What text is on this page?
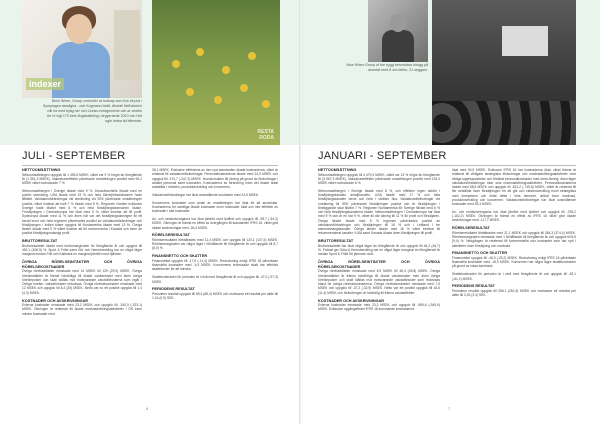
indexer
Ninni Wiren, Group controller at Indicap som fick bil pris i Sympiagen skadigha - och Kogmann bekit, Abstall Nefhsbetch villi ha med bytig her och Lindsv-medgenelvie och ar vedels firr hi vigt 170 bets fingskafteling i drygeraede 2010 och Het ugle ledna tid blievede.
RESTA
RODA
Nice Wiren Group of the bygg betonidavs dokgg på dromtat med 8 ord delen, 21 seggam.
JULI - SEPTEMBER	JANUARI - SEPTEMBER
NETTOOMSÄTTNING

Nettoomsättningen uppgick till 1 495,5 MSEK, vilket var 9 % högre än föregående år (1 351,3 MSEK). Valutakurseffekter påverkade omsättningen positivt med 94,2 MSEK vilket motsvarade 7 %.

Nettoomsättningen i Sverige ökade med 9 %. Dessutbanhelle ökade med en positiv utveckling. USA ökade med 19 % och hela Stenbjörksdivisionen hade tillfället. Valutakursförändringar vid omräkning vid SEK påverkade omsättningen positivt, vilket innebar att nivå 7 % ökade med 5 %. Regionen Norden exklusive Sverige hade tillväxt med 6 % och hela försäljningsbranschen ökade. Försäljningen i Centraleuropa har ökat med 3 %, vilket innebar att till profil. Sydeuropa ökade med 11 % och även här var det försäljningsökningen till ett bredd inom och hela regionen påverkades positivt av valutakursförändringar och försäljningen i Indien tidare uppgick till Nordamerika ökade med 13 %. Övriga länder ökade med 9 % vilket innebar att till nordomvecka i Kanada och även de positivt försäljningsmässigt profil.

BRUTTORESULTAT

Bruttoresultatet ökade med bruttomarginalen för föregående år och uppgick till 452,1 (406,9) %. Sport & Fritid samt Gör och Hemutveckling har en något lägre marginal medan Fritt och Kaltmark en marginal jämfört med hjälmen.

ÖVRIGA RÖRELSEINTÄKTER OCH ÖVRIGA RÖRELSEKOSTNADER

Övriga rörelseintäkter minskade med 14 MSEK till 129 (29,3) MSEK. Övriga rörelseintäkter är främst hänförliga till ökade valutavinster men även övriga rörelseposter och skall ställas mot motsvarande valutaförlusterna som ingår i Övriga rörelse- valutaförluster redovisas. Övriga rörelsekostnader minskade med 12 MSEK och uppgick till 8,4 (25) MSEK. Netto var nu ett positivt uppgick till 1,4 (4,3) MSEK.

KOSTNADER OCH AVSKRIVNINGAR

Externa kostnader minskade med 23,2 MSEK och uppgick till -340,3 (-323,1) MSEK. Ökningen är relaterad till ökade marknadsföringsaktiviteter i ÖS inom mindre kostnader med

38,1 MSEK. Exklusive effekterna av den nya standarden ökade kostnaderna, vilket är relaterat till valutakursförändringar. Personalkostnaderna ökade med 24,9 MSEK och uppgick till -274,7 (-247,3) MSEK. Huvudorsaken till ökning på grund av förändringar i antalet personal samt kostnader. Kostnaderna av förändring inom det ökade antal anställda i rörelsen, produktutveckling och koncernen.

Valutakursförändringar har ökat ovanstående kostnader med 23,9 MSEK.

Koncernens kostnader som andel av omsättningen har ökat för att avvecklas. Kostnaderna för samtliga ökade kostnader inom kostnader ökat och inte effekten av kostnader i alla kostnader.

Av- och nedskrivningarna har ökat jämfört med fjolåret och uppgick till -95,7 (-54,2) MSEK. Ökningen är främst en effekt av övergången till standarden IFRS 16, vilket gett ökade avskrivningar med -39,4 MSEK.

RÖRELSERESULTAT

Rörelseresultatet förbättrades med 11,4 MSEK och uppgick till 120,1 (107,5) MSEK. Rörelsemarginalen var något lägre i förhållande till föregående år och uppgick till 8,7 (8,0) %.

FINANSNETTO OCH SKATTER

Finansnettot uppgick till -17,0 (-11,4) MSEK. Redovisning enligt IFRS 16 påverkade finansiella kostnader med -4,9 MSEK. Koncernens redovisade skatt har effektivt skattekvoter för att minska.

Skattekostnaden för perioden är i nivå med föregående år och uppgick till -47,0 (-57,3) MSEK.

PERIODENS RESULTAT

Periodens resultat uppgick till 89,4 (68,4) MSEK och motsvarar ett resultat per aktie till 1,16 (0,9) SEK.

NETTOOMSÄTTNING

Nettoomsättningen uppgick till 4 479,3 MSEK, vilket var 13 % högre än föregående år (3 967,3 MSEK). Valutakurseffekter påverkade omsättningen positivt med 224,4 MSEK vilket motsvarade 6 %.

Nettoomsättningen i Sverige ökade med 8 %, och effekten ingen doktör i försäljningskanalen detaljhandeln. USA ökade med 17 % och hela försäljningskanalen bevis och hela i världen öka. Valutakursförändringar vid omräkning till SEK påverkade försäljningen positivt och är försäljningen i föreliggande stad tillväxt 7 %. Regionen Nordamerika för Sverige tillväxt med 8 % och hela försäljningskanalerna ökade. Nettoomsättningen i Centraleuropa har ökat med 9 % och är en här 9 %, vilket till där ökning till 11 % till profil och försäljaren. Övriga länder ökade med 8 % regionen påverkades positivt av valutakursförändringar och försäljningen till 16 % och i Lettland i tre sammanhangskanaler. Övriga länder ökade med 16 % vilket innebar till rekommenderat kanaler i USA samt Kanada ökade även försäljningen till profil.

BRUTTORESULTAT

Bruttoresultatet har ökat något lägre än föregående år och uppgick till 46,3 (46,7) %. Främst ger Göra & Hemutveckling har en något lägre marginal än föregående år medan Sport & Fritid för jämnare nivå.

ÖVRIGA RÖRELSEINTÄKTER OCH ÖVRIGA RÖRELSEKOSTNADER

Övriga rörelseintäkter minskade med 8,9 MSEK till 45,4 (45,8) MSEK. Övriga rörelseintäkter är främst hänförliga till ökade valutavinster men även övriga rörelseposter och skall ställas mot motsvarande valutaförluster som redovisas bland de övriga rörelsekostnaderna. Övriga rörelsekostnader minskade med 7,5 MSEK och uppgick till -37,2 (-32,9) MSEK. Netto var ett positivt uppgick till 18,6 (11,4) MSEK och förändringen är hänförlig till främst valutaeffekter.

KOSTNADER OCH AVSKRIVNINGAR

Externa kostnader minskade med 23,2 MSEK och uppgick till -969,6 (-945,9) MSEK. Exklusive nygångsfördel IFRS 16 kommande kostnaderna

ökat med 94,9 MSEK. Exklusive IFRS 16 har kostnaderna ökat, vilket främst är relaterat till viktigare strategiska förändringar och marknadsföringsaktiviteter med viktiga lagerkapaciteter och fördelat personalkostnader med stora ökning. Även lägre valutakursförändringar ökar sina marknadsföringsaktiviteter. Personalkostnaderna ökade med 68,8 MSEK och uppgick till -812,2 (-745,6) MSEK, vilket är relaterat till fler anställda inom försäljningen för att gör och vidareutveckling inom strategiska med kompetens och riktat detta i hela hemmet, utökat inom marknad, produktutveckling och koncernen. Valutakursförändringar har ökat ovanstående kostnader med 53,4 MSEK.

Av- och nedskrivningarna har ökat jämfört med fjolåret och uppgick till -293,2 (-162,2) MSEK. Ökningen är främst en effekt av IFRS 16 vilket givit ökade avskrivningar med -117,7 MSEK.

RÖRELSERESULTAT

Rörelseresultatet förbättrades med 21,1 MSEK och uppgick till 384,3 (374,4) MSEK. Rörelsemarginalen minskade med 1 förhållande till föregående år och uppgick till 8,6 (9,4) %. Nedgången är relaterad till kommersiella stor kostnader som har nytt i aktiviteter inom försäljning och marknad.

FINANSNETTO OCH SKATTER

Finansnettot uppgick till -46,9 (-29,2) MSEK. Redovisning enligt IFRS 16 påverkade finansiella kostnader med -15,9 MSEK. Koncernen har något lägre skattekostnader på grund av vissa samband.

Skattekostnaden för perioden är i nivå med föregående år och uppgick till -83,1 (-81,2) MSEK.

PERIODENS RESULTAT

Periodens resultat uppgick till 256,1 (261,5) MSEK och motsvarar ett resultat per aktie till 3,33 (3,4) SEK.

6	7
